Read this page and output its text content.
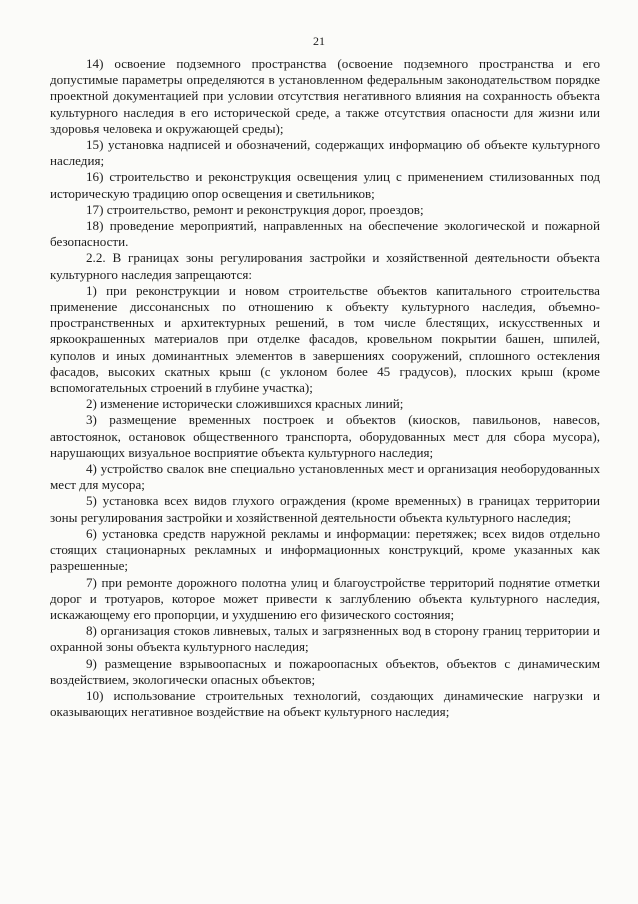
21

14) освоение подземного пространства (освоение подземного пространства и его допустимые параметры определяются в установленном федеральным законодательством порядке проектной документацией при условии отсутствия негативного влияния на сохранность объекта культурного наследия в его исторической среде, а также отсутствия опасности для жизни или здоровья человека и окружающей среды);

15) установка надписей и обозначений, содержащих информацию об объекте культурного наследия;

16) строительство и реконструкция освещения улиц с применением стилизованных под историческую традицию опор освещения и светильников;

17) строительство, ремонт и реконструкция дорог, проездов;

18) проведение мероприятий, направленных на обеспечение экологической и пожарной безопасности.

2.2. В границах зоны регулирования застройки и хозяйственной деятельности объекта культурного наследия запрещаются:

1) при реконструкции и новом строительстве объектов капитального строительства применение диссонансных по отношению к объекту культурного наследия, объемно-пространственных и архитектурных решений, в том числе блестящих, искусственных и яркоокрашенных материалов при отделке фасадов, кровельном покрытии башен, шпилей, куполов и иных доминантных элементов в завершениях сооружений, сплошного остекления фасадов, высоких скатных крыш (с уклоном более 45 градусов), плоских крыш (кроме вспомогательных строений в глубине участка);

2) изменение исторически сложившихся красных линий;

3) размещение временных построек и объектов (киосков, павильонов, навесов, автостоянок, остановок общественного транспорта, оборудованных мест для сбора мусора), нарушающих визуальное восприятие объекта культурного наследия;

4) устройство свалок вне специально установленных мест и организация необорудованных мест для мусора;

5) установка всех видов глухого ограждения (кроме временных) в границах территории зоны регулирования застройки и хозяйственной деятельности объекта культурного наследия;

6) установка средств наружной рекламы и информации: перетяжек; всех видов отдельно стоящих стационарных рекламных и информационных конструкций, кроме указанных как разрешенные;

7) при ремонте дорожного полотна улиц и благоустройстве территорий поднятие отметки дорог и тротуаров, которое может привести к заглублению объекта культурного наследия, искажающему его пропорции, и ухудшению его физического состояния;

8) организация стоков ливневых, талых и загрязненных вод в сторону границ территории и охранной зоны объекта культурного наследия;

9) размещение взрывоопасных и пожароопасных объектов, объектов с динамическим воздействием, экологически опасных объектов;

10) использование строительных технологий, создающих динамические нагрузки и оказывающих негативное воздействие на объект культурного наследия;
